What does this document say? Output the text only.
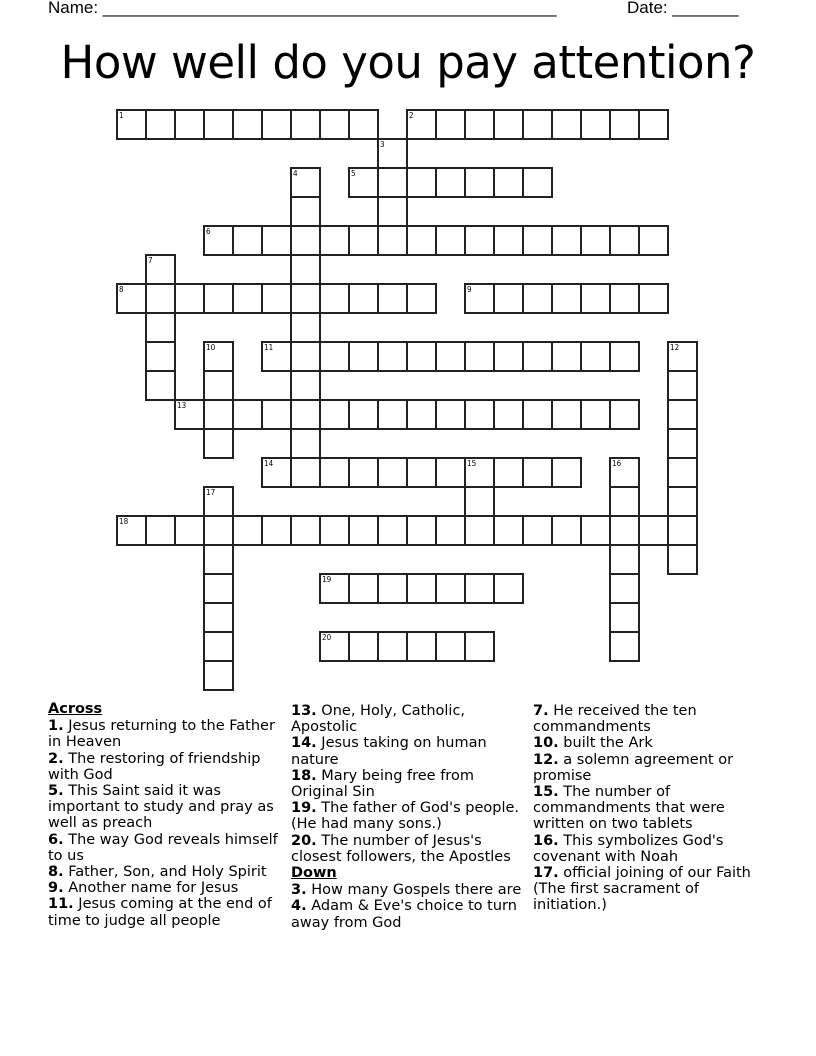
Name: ________________________________________________	Date: _______
How well do you pay attention?
1	2
5
6
8	9
11
13
14	15
18
19
20
3
4
7
10	12
16
17
Across
1. Jesus returning to the Father in Heaven
2. The restoring of friendship with God
5. This Saint said it was important to study and pray as well as preach
6. The way God reveals himself to us
8. Father, Son, and Holy Spirit
9. Another name for Jesus
11. Jesus coming at the end of time to judge all people
13. One, Holy, Catholic, Apostolic
14. Jesus taking on human nature
18. Mary being free from Original Sin
19. The father of God's people. (He had many sons.)
20. The number of Jesus's closest followers, the Apostles
Down
3. How many Gospels there are
4. Adam & Eve's choice to turn away from God
7. He received the ten commandments
10. built the Ark
12. a solemn agreement or promise
15. The number of commandments that were written on two tablets
16. This symbolizes God's covenant with Noah
17. official joining of our Faith (The first sacrament of initiation.)
